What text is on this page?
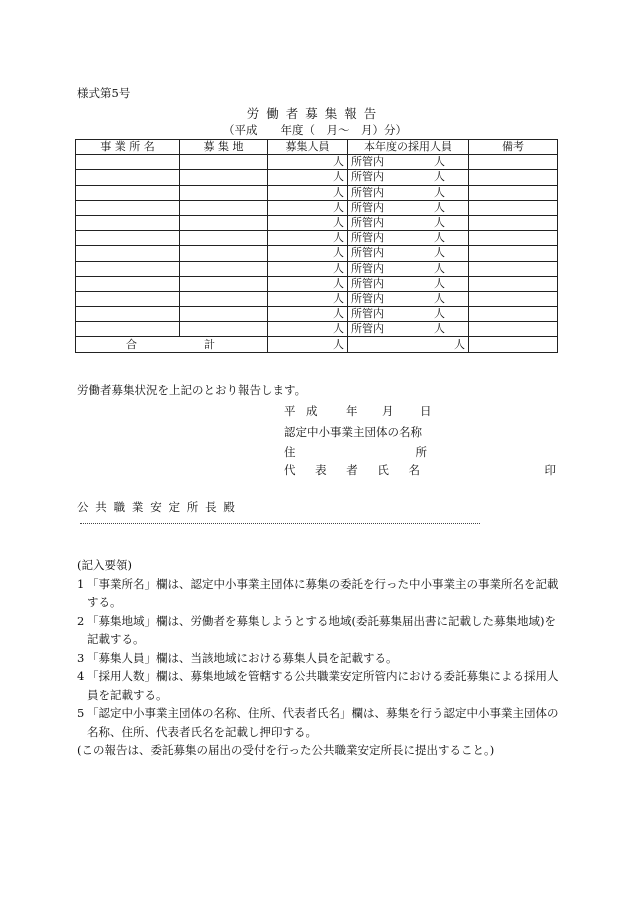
様式第5号
労働者募集報告
（平成　　年度（　月～　月）分）
事 業 所 名	募 集 地	募集人員	本年度の採用人員	備考
		人	所管内 人	
		人	所管内 人	
		人	所管内 人	
		人	所管内 人	
		人	所管内 人	
		人	所管内 人	
		人	所管内 人	
		人	所管内 人	
		人	所管内 人	
		人	所管内 人	
		人	所管内 人	
		人	所管内 人	
合　　　　　計		人	人	
労働者募集状況を上記のとおり報告します。
平 成	年	月	日
認定中小事業主団体の名称
住	所
代 表 者 氏 名	印
公共職業安定所長殿
(記入要領)
1 「事業所名」欄は、認定中小事業主団体に募集の委託を行った中小事業主の事業所名を記載する。
2 「募集地域」欄は、労働者を募集しようとする地域(委託募集届出書に記載した募集地域)を記載する。
3 「募集人員」欄は、当該地域における募集人員を記載する。
4 「採用人数」欄は、募集地域を管轄する公共職業安定所管内における委託募集による採用人員を記載する。
5 「認定中小事業主団体の名称、住所、代表者氏名」欄は、募集を行う認定中小事業主団体の名称、住所、代表者氏名を記載し押印する。
(この報告は、委託募集の届出の受付を行った公共職業安定所長に提出すること。)
